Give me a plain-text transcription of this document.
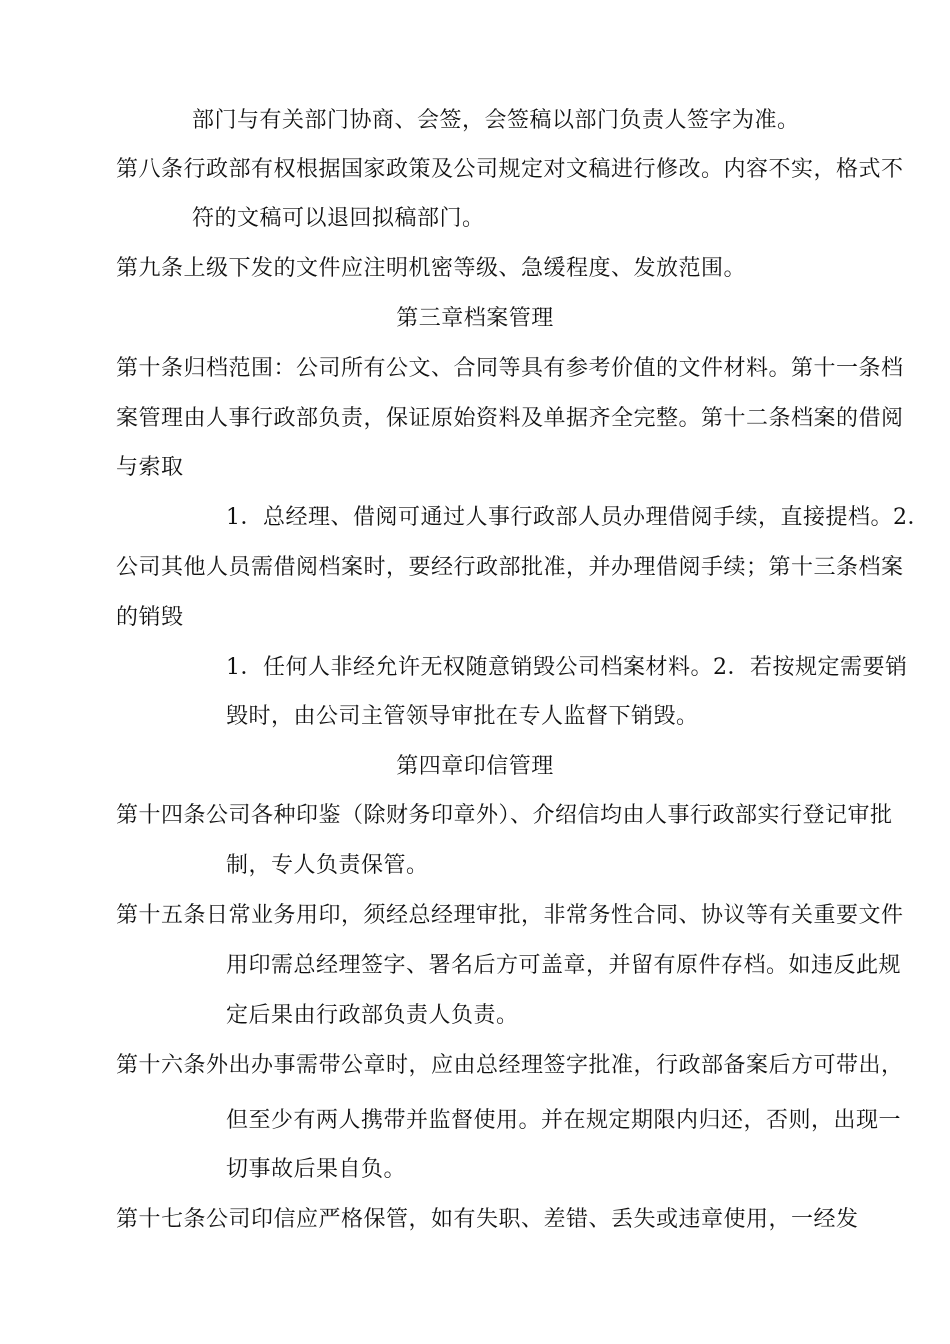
部门与有关部门协商、会签，会签稿以部门负责人签字为准。
第八条行政部有权根据国家政策及公司规定对文稿进行修改。内容不实，格式不
符的文稿可以退回拟稿部门。
第九条上级下发的文件应注明机密等级、急缓程度、发放范围。
第三章档案管理
第十条归档范围：公司所有公文、合同等具有参考价值的文件材料。第十一条档
案管理由人事行政部负责，保证原始资料及单据齐全完整。第十二条档案的借阅
与索取
1．总经理、借阅可通过人事行政部人员办理借阅手续，直接提档。2．
公司其他人员需借阅档案时，要经行政部批准，并办理借阅手续；第十三条档案
的销毁
1．任何人非经允许无权随意销毁公司档案材料。2．若按规定需要销
毁时，由公司主管领导审批在专人监督下销毁。
第四章印信管理
第十四条公司各种印鉴（除财务印章外）、介绍信均由人事行政部实行登记审批
制，专人负责保管。
第十五条日常业务用印，须经总经理审批，非常务性合同、协议等有关重要文件
用印需总经理签字、署名后方可盖章，并留有原件存档。如违反此规
定后果由行政部负责人负责。
第十六条外出办事需带公章时，应由总经理签字批准，行政部备案后方可带出，
但至少有两人携带并监督使用。并在规定期限内归还，否则，出现一
切事故后果自负。
第十七条公司印信应严格保管，如有失职、差错、丢失或违章使用，一经发
